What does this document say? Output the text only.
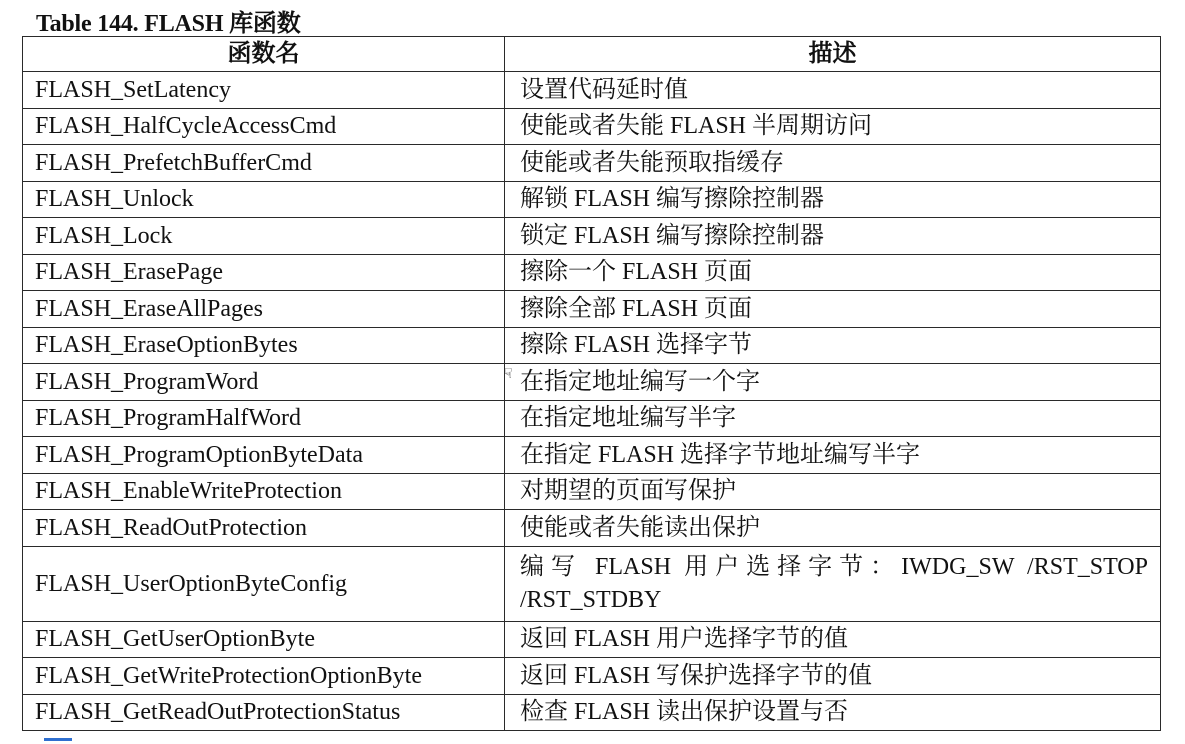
Table 144. FLASH 库函数
函数名	描述
FLASH_SetLatency	设置代码延时值
FLASH_HalfCycleAccessCmd	使能或者失能 FLASH 半周期访问
FLASH_PrefetchBufferCmd	使能或者失能预取指缓存
FLASH_Unlock	解锁 FLASH 编写擦除控制器
FLASH_Lock	锁定 FLASH 编写擦除控制器
FLASH_ErasePage	擦除一个 FLASH 页面
FLASH_EraseAllPages	擦除全部 FLASH 页面
FLASH_EraseOptionBytes	擦除 FLASH 选择字节
FLASH_ProgramWord	在指定地址编写一个字
FLASH_ProgramHalfWord	在指定地址编写半字
FLASH_ProgramOptionByteData	在指定 FLASH 选择字节地址编写半字
FLASH_EnableWriteProtection	对期望的页面写保护
FLASH_ReadOutProtection	使能或者失能读出保护
FLASH_UserOptionByteConfig	编写 FLASH 用户选择字节：IWDG_SW /RST_STOP /RST_STDBY
FLASH_GetUserOptionByte	返回 FLASH 用户选择字节的值
FLASH_GetWriteProtectionOptionByte	返回 FLASH 写保护选择字节的值
FLASH_GetReadOutProtectionStatus	检查 FLASH 读出保护设置与否
☟
